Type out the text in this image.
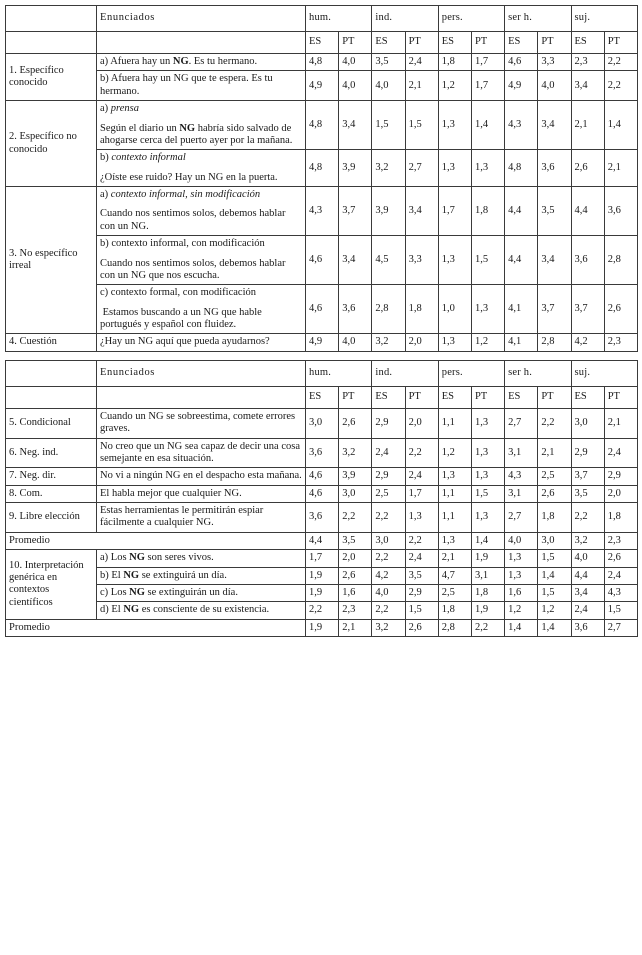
	Enunciados	hum.		ind.		pers.		ser h.		suj.	
		ES	PT	ES	PT	ES	PT	ES	PT	ES	PT
1. Específico conocido	a) Afuera hay un NG. Es tu hermano.	4,8	4,0	3,5	2,4	1,8	1,7	4,6	3,3	2,3	2,2
	b) Afuera hay un NG que te espera. Es tu hermano.	4,9	4,0	4,0	2,1	1,2	1,7	4,9	4,0	3,4	2,2
2. Específico no conocido	a) prensa
Según el diario un NG habría sido salvado de ahogarse cerca del puerto ayer por la mañana.	4,8	3,4	1,5	1,5	1,3	1,4	4,3	3,4	2,1	1,4

	b) contexto informal
¿Oíste ese ruido? Hay un NG en la puerta.	4,8	3,9	3,2	2,7	1,3	1,3	4,8	3,6	2,6	2,1
3. No específico irreal	a) contexto informal, sin modificación
Cuando nos sentimos solos, debemos hablar con un NG.	4,3	3,7	3,9	3,4	1,7	1,8	4,4	3,5	4,4	3,6

	b) contexto informal, con modificación
Cuando nos sentimos solos, debemos hablar con un NG que nos escucha.	4,6	3,4	4,5	3,3	1,3	1,5	4,4	3,4	3,6	2,8

	c) contexto formal, con modificación
Estamos buscando a un NG que hable portugués y español con fluidez.	4,6	3,6	2,8	1,8	1,0	1,3	4,1	3,7	3,7	2,6
4. Cuestión	¿Hay un NG aquí que pueda ayudarnos?	4,9	4,0	3,2	2,0	1,3	1,2	4,1	2,8	4,2	2,3
	Enunciados	hum.		ind.		pers.		ser h.		suj.	
		ES	PT	ES	PT	ES	PT	ES	PT	ES	PT
5. Condicional	Cuando un NG se sobreestima, comete errores graves.	3,0	2,6	2,9	2,0	1,1	1,3	2,7	2,2	3,0	2,1
6. Neg. ind.	No creo que un NG sea capaz de decir una cosa semejante en esa situación.	3,6	3,2	2,4	2,2	1,2	1,3	3,1	2,1	2,9	2,4
7. Neg. dir.	No vi a ningún NG en el despacho esta mañana.	4,6	3,9	2,9	2,4	1,3	1,3	4,3	2,5	3,7	2,9
8. Com.	El habla mejor que cualquier NG.	4,6	3,0	2,5	1,7	1,1	1,5	3,1	2,6	3,5	2,0
9. Libre elección	Estas herramientas le permitirán espiar fácilmente a cualquier NG.	3,6	2,2	2,2	1,3	1,1	1,3	2,7	1,8	2,2	1,8
Promedio		4,4	3,5	3,0	2,2	1,3	1,4	4,0	3,0	3,2	2,3
10. Interpretación genérica en contextos científicos	a) Los NG son seres vivos.	1,7	2,0	2,2	2,4	2,1	1,9	1,3	1,5	4,0	2,6
	b) El NG se extinguirá un día.	1,9	2,6	4,2	3,5	4,7	3,1	1,3	1,4	4,4	2,4
	c) Los NG se extinguirán un día.	1,9	1,6	4,0	2,9	2,5	1,8	1,6	1,5	3,4	4,3
	d) El NG es consciente de su existencia.	2,2	2,3	2,2	1,5	1,8	1,9	1,2	1,2	2,4	1,5
Promedio		1,9	2,1	3,2	2,6	2,8	2,2	1,4	1,4	3,6	2,7
